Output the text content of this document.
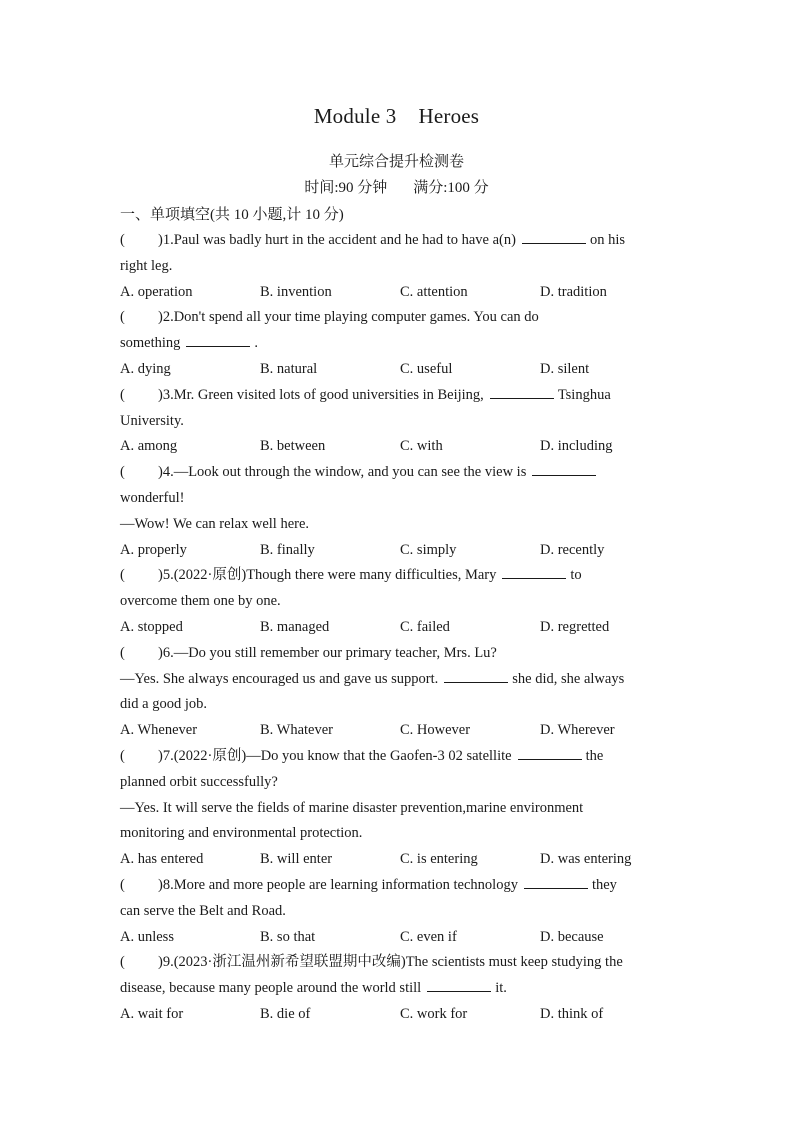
Module 3 Heroes
单元综合提升检测卷
时间:90 分钟 满分:100 分
一、单项填空(共 10 小题,计 10 分)
( )1.Paul was badly hurt in the accident and he had to have a(n)	on his
right leg.
A. operation	B. invention	C. attention	D. tradition
( )2.Don't spend all your time playing computer games. You can do
something	.
A. dying	B. natural	C. useful	D. silent
( )3.Mr. Green visited lots of good universities in Beijing,	Tsinghua
University.
A. among	B. between	C. with	D. including
( )4.—Look out through the window, and you can see the view is
wonderful!
—Wow! We can relax well here.
A. properly	B. finally	C. simply	D. recently
( )5.(2022·原创)Though there were many difficulties, Mary	to
overcome them one by one.
A. stopped	B. managed	C. failed	D. regretted
( )6.—Do you still remember our primary teacher, Mrs. Lu?
—Yes. She always encouraged us and gave us support.	she did, she always
did a good job.
A. Whenever	B. Whatever	C. However	D. Wherever
( )7.(2022·原创)—Do you know that the Gaofen-3 02 satellite	the
planned orbit successfully?
—Yes. It will serve the fields of marine disaster prevention,marine environment
monitoring and environmental protection.
A. has entered	B. will enter	C. is entering	D. was entering
( )8.More and more people are learning information technology	they
can serve the Belt and Road.
A. unless	B. so that	C. even if	D. because
( )9.(2023·浙江温州新希望联盟期中改编)The scientists must keep studying the
disease, because many people around the world still	it.
A. wait for	B. die of	C. work for	D. think of
